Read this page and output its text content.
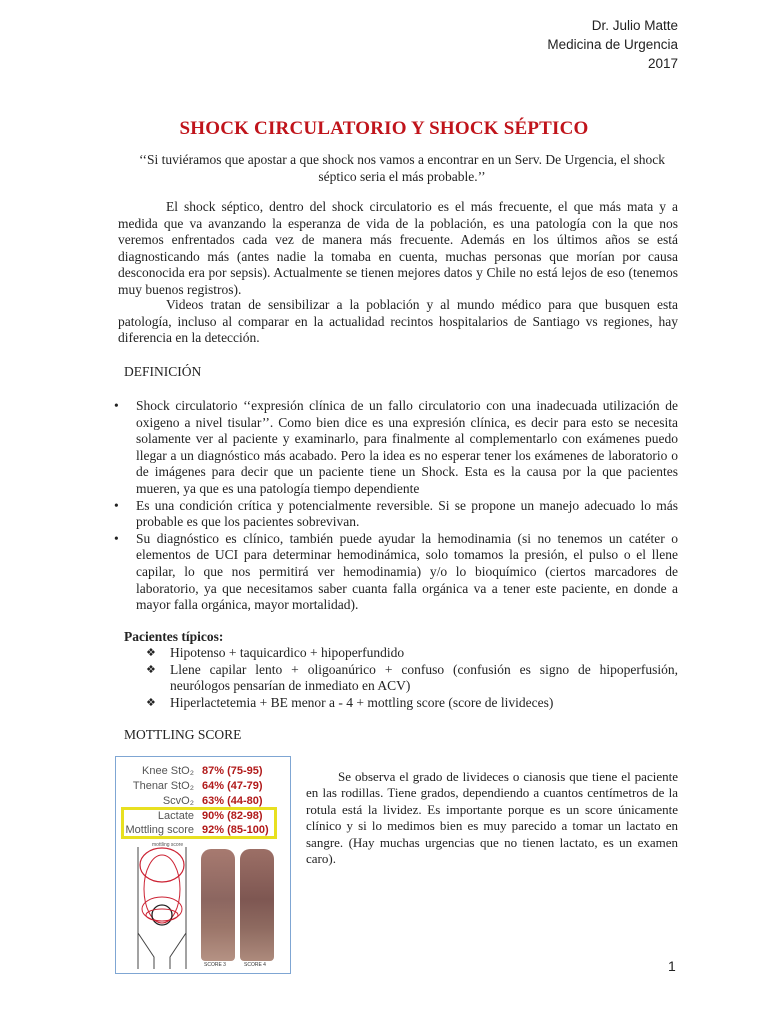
Dr. Julio Matte
Medicina de Urgencia
2017
SHOCK CIRCULATORIO Y SHOCK SÉPTICO
‘‘Si tuviéramos que apostar a que shock nos vamos a encontrar en un Serv. De Urgencia, el shock séptico seria el más probable.’’
El shock séptico, dentro del shock circulatorio es el más frecuente, el que más mata y a medida que va avanzando la esperanza de vida de la población, es una patología con la que nos veremos enfrentados cada vez de manera más frecuente. Además en los últimos años se está diagnosticando más (antes nadie la tomaba en cuenta, muchas personas que morían por causa desconocida era por sepsis). Actualmente se tienen mejores datos y Chile no está lejos de eso (tenemos muy buenos registros).
Videos tratan de sensibilizar a la población y al mundo médico para que busquen esta patología, incluso al comparar en la actualidad recintos hospitalarios de Santiago vs regiones, hay diferencia en la detección.
DEFINICIÓN
• Shock circulatorio ‘‘expresión clínica de un fallo circulatorio con una inadecuada utilización de oxigeno a nivel tisular’’. Como bien dice es una expresión clínica, es decir para esto se necesita solamente ver al paciente y examinarlo, para finalmente al complementarlo con exámenes puedo llegar a un diagnóstico más acabado. Pero la idea es no esperar tener los exámenes de laboratorio o de imágenes para decir que un paciente tiene un Shock. Esta es la causa por la que pacientes mueren, ya que es una patología tiempo dependiente
• Es una condición crítica y potencialmente reversible. Si se propone un manejo adecuado lo más probable es que los pacientes sobrevivan.
• Su diagnóstico es clínico, también puede ayudar la hemodinamia (si no tenemos un catéter o elementos de UCI para determinar hemodinámica, solo tomamos la presión, el pulso o el llene capilar, lo que nos permitirá ver hemodinamia) y/o lo bioquímico (ciertos marcadores de laboratorio, ya que necesitamos saber cuanta falla orgánica va a tener este paciente, en donde a mayor falla orgánica, mayor mortalidad).
Pacientes típicos:
❖ Hipotenso + taquicardico + hipoperfundido
❖ Llene capilar lento + oligoanúrico + confuso (confusión es signo de hipoperfusión, neurólogos pensarían de inmediato en ACV)
❖ Hiperlactetemia + BE menor a - 4 + mottling score (score de livideces)
MOTTLING SCORE
Knee StO₂ 87% (75-95)
Thenar StO₂ 64% (47-79)
ScvO₂ 63% (44-80)
Lactate 90% (82-98)
Mottling score 92% (85-100)
mottling score
SCORE 3	SCORE 4
Se observa el grado de livideces o cianosis que tiene el paciente en las rodillas. Tiene grados, dependiendo a cuantos centímetros de la rotula está la lividez. Es importante porque es un score únicamente clínico y si lo medimos bien es muy parecido a tomar un lactato en sangre. (Hay muchas urgencias que no tienen lactato, es un examen caro).
1
